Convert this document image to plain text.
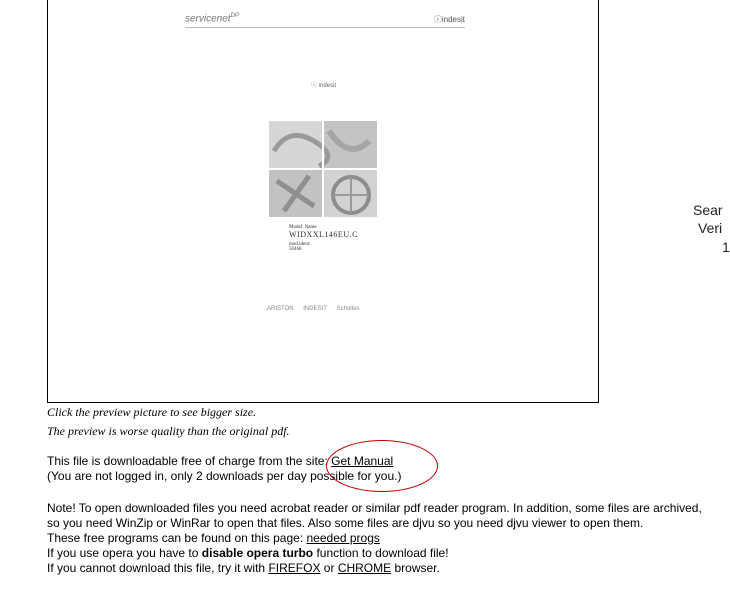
servicenet$^{DP}$	ⓘindesit
ⓘ indesit
Model: Name
WIDXXL146EU.C
mod.ident:
50468
ARISTON INDESIT Scholtès
Click the preview picture to see bigger size.
The preview is worse quality than the original pdf.
This file is downloadable free of charge from the site: Get Manual
(You are not logged in, only 2 downloads per day possible for you.)
Note! To open downloaded files you need acrobat reader or similar pdf reader program. In addition, some files are archived,
so you need WinZip or WinRar to open that files. Also some files are djvu so you need djvu viewer to open them.
These free programs can be found on this page: needed progs
If you use opera you have to disable opera turbo function to download file!
If you cannot download this file, try it with FIREFOX or CHROME browser.
Sear
Veri
1
